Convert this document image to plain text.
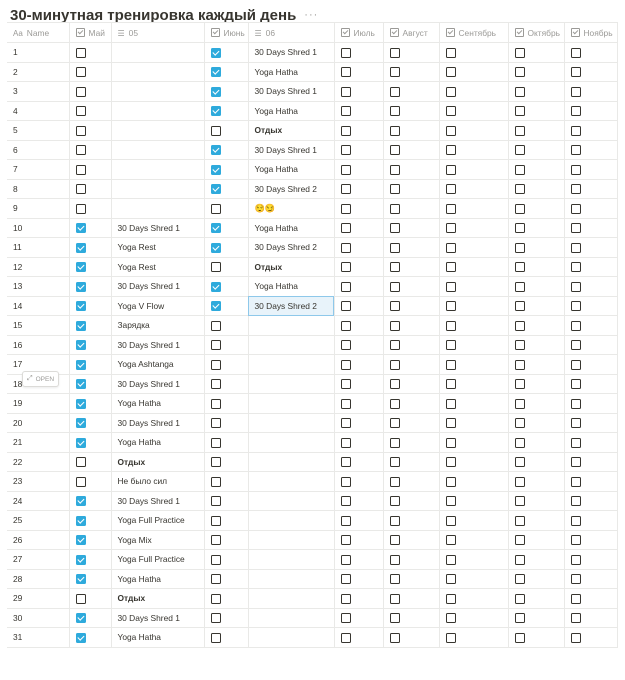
30-минутная тренировка каждый день ···
Aa Name	Май	☰ 05	Июнь	☰ 06	Июль	Август	Сентябрь	Октябрь	Ноябрь
1				30 Days Shred 1					
2				Yoga Hatha					
3				30 Days Shred 1					
4				Yoga Hatha					
5				Отдых					
6				30 Days Shred 1					
7				Yoga Hatha					
8				30 Days Shred 2					
9				😌😏					
10		30 Days Shred 1		Yoga Hatha					
11		Yoga Rest		30 Days Shred 2					
12		Yoga Rest		Отдых					
13		30 Days Shred 1		Yoga Hatha					
14		Yoga V Flow		30 Days Shred 2					
15		Зарядка							
16		30 Days Shred 1							
17		Yoga Ashtanga							
18		30 Days Shred 1							
19		Yoga Hatha							
20		30 Days Shred 1							
21		Yoga Hatha							
22		Отдых							
23		Не было сил							
24		30 Days Shred 1							
25		Yoga Full Practice							
26		Yoga Mix							
27		Yoga Full Practice							
28		Yoga Hatha							
29		Отдых							
30		30 Days Shred 1							
31		Yoga Hatha							
⤢ OPEN
